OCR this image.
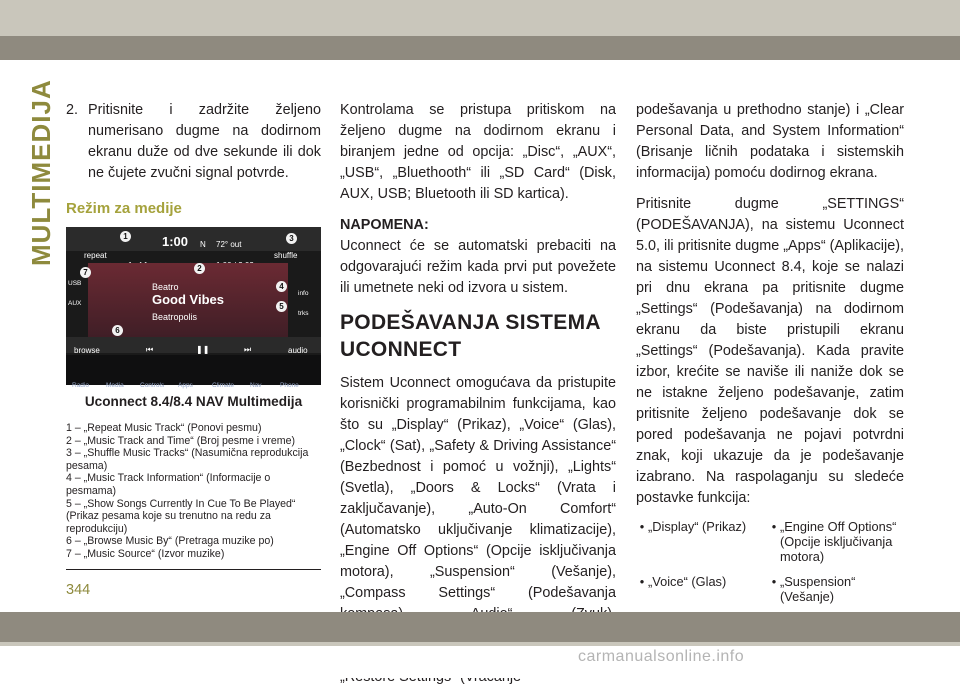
MULTIMEDIJA 2. Pritisnite i zadržite željeno numerisano dugme na dodirnom ekranu duže od dve sekunde ili dok ne čujete zvučni signal potvrde.
Režim za medije
1:00 N 72° out
repeat	shuffle
USB
AUX
Beatro
Good Vibes
Beatropolis
info
trks
browse	⏮	❚❚	⏭	audio
Radio	Media	Controls Apps	Climate Nav	Phone
1
2
3
4
5
6
7
Uconnect 8.4/8.4 NAV Multimedija
1 – „Repeat Music Track“ (Ponovi pesmu)
2 – „Music Track and Time“ (Broj pesme i vreme)
3 – „Shuffle Music Tracks“ (Nasumična reprodukcija pesama)
4 – „Music Track Information“ (Informacije o pesmama)
5 – „Show Songs Currently In Cue To Be Played“ (Prikaz pesama koje su trenutno na redu za reprodukciju)
6 – „Browse Music By“ (Pretraga muzike po)
7 – „Music Source“ (Izvor muzike)

Kontrolama se pristupa pritiskom na željeno dugme na dodirnom ekranu i biranjem jedne od opcija: „Disc“, „AUX“, „USB“, „Bluethooth“ ili „SD Card“ (Disk, AUX, USB; Bluetooth ili SD kartica).

NAPOMENA:

Uconnect će se automatski prebaciti na odgovarajući režim kada prvi put povežete ili umetnete neki od izvora u sistem.

PODEŠAVANJA SISTEMA UCONNECT

Sistem Uconnect omogućava da pristupite korisnički programabilnim funkcijama, kao što su „Display“ (Prikaz), „Voice“ (Glas), „Clock“ (Sat), „Safety & Driving Assistance“ (Bezbednost i pomoć u vožnji), „Lights“ (Svetla), „Doors & Locks“ (Vrata i zaključavanje), „Auto-On Comfort“ (Automatsko uključivanje klimatizacije), „Engine Off Options“ (Opcije isključivanja motora), „Suspension“ (Vešanje), „Compass Settings“ (Podešavanja

podešavanja u prethodno stanje) i „Clear Personal Data, and System Information“ (Brisanje ličnih podataka i sistemskih informacija) pomoću dodirnog ekrana.

Pritisnite dugme „SETTINGS“ (PODEŠAVANJA), na sistemu Uconnect 5.0, ili pritisnite dugme „Apps“ (Aplikacije), na sistemu Uconnect 8.4, koje se nalazi pri dnu ekrana pa pritisnite dugme „Settings“ (Podešavanja) na dodirnom ekranu da biste pristupili ekranu „Settings“ (Podešavanja). Kada pravite izbor, krećite se naviše ili naniže dok se ne istakne željeno podešavanje, zatim pritisnite željeno podešavanje dok se pored podešavanja ne pojavi potvrdni znak, koji ukazuje da je podešavanje izabrano. Na raspolaganju su sledeće postavke funkcija:

• „Display“ (Prikaz) • „Engine Off Options“ (Opcije isključivanja motora)
• „Voice“ (Glas)	• „Suspension“ (Vešanje)
344
carmanualsonline.info
